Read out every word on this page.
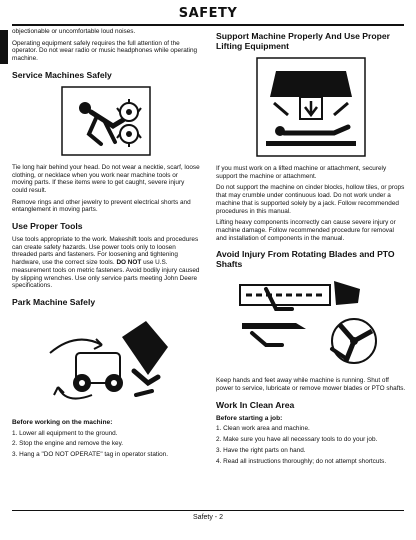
SAFETY

objectionable or uncomfortable loud noises.

Operating equipment safely requires the full attention of the operator. Do not wear radio or music headphones while operating machine.

Service Machines Safely

Tie long hair behind your head. Do not wear a necktie, scarf, loose clothing, or necklace when you work near machine tools or moving parts. If these items were to get caught, severe injury could result.

Remove rings and other jewelry to prevent electrical shorts and entanglement in moving parts.

Use Proper Tools

Use tools appropriate to the work. Makeshift tools and procedures can create safety hazards. Use power tools only to loosen threaded parts and fasteners. For loosening and tightening hardware, use the correct size tools. DO NOT use U.S. measurement tools on metric fasteners. Avoid bodily injury caused by slipping wrenches. Use only service parts meeting John Deere specifications.

Park Machine Safely
Before working on the machine:
1. Lower all equipment to the ground.
2. Stop the engine and remove the key.
3. Hang a "DO NOT OPERATE" tag in operator station.
Support Machine Properly And Use Proper Lifting Equipment

If you must work on a lifted machine or attachment, securely support the machine or attachment.

Do not support the machine on cinder blocks, hollow tiles, or props that may crumble under continuous load. Do not work under a machine that is supported solely by a jack. Follow recommended procedures in this manual.

Lifting heavy components incorrectly can cause severe injury or machine damage. Follow recommended procedure for removal and installation of components in the manual.

Avoid Injury From Rotating Blades and PTO Shafts

Keep hands and feet away while machine is running. Shut off power to service, lubricate or remove mower blades or PTO shafts.

Work In Clean Area
Before starting a job:
1. Clean work area and machine.
2. Make sure you have all necessary tools to do your job.
3. Have the right parts on hand.
4. Read all instructions thoroughly; do not attempt shortcuts.
Safety - 2
